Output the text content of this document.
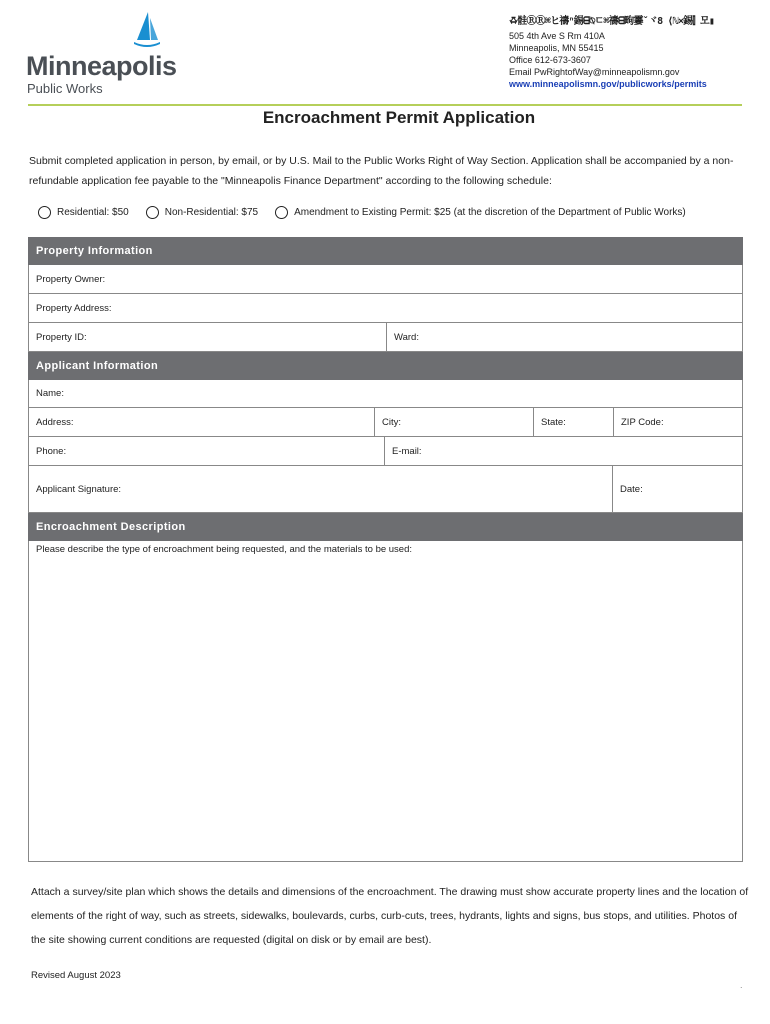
Minneapolis
Public Works
ꗇ䯓ⓇⓇ⌘ヒ禱ⁿ錫ᗺ⍉ㄷ⌘禱ᗺ㽛霋ˇヾ8 ⟨ℕ⨯錫⫿ 모▮
505 4th Ave S Rm 410A
Minneapolis, MN 55415
Office 612-673-3607
Email PwRightofWay@minneapolismn.gov
www.minneapolismn.gov/publicworks/permits
Encroachment Permit Application
Submit completed application in person, by email, or by U.S. Mail to the Public Works Right of Way Section. Application shall be accompanied by a non-refundable application fee payable to the "Minneapolis Finance Department" according to the following schedule:
Residential: $50	Non-Residential: $75	Amendment to Existing Permit: $25 (at the discretion of the Department of Public Works)
Property Information
Property Owner:
Property Address:
Property ID:	Ward:
Applicant Information
Name:
Address:	City:	State:	ZIP Code:
Phone:	E-mail:
Applicant Signature:	Date:
Encroachment Description
Please describe the type of encroachment being requested, and the materials to be used:
Attach a survey/site plan which shows the details and dimensions of the encroachment. The drawing must show accurate property lines and the location of elements of the right of way, such as streets, sidewalks, boulevards, curbs, curb-cuts, trees, hydrants, lights and signs, bus stops, and utilities. Photos of the site showing current conditions are requested (digital on disk or by email are best).
Revised August 2023
.
